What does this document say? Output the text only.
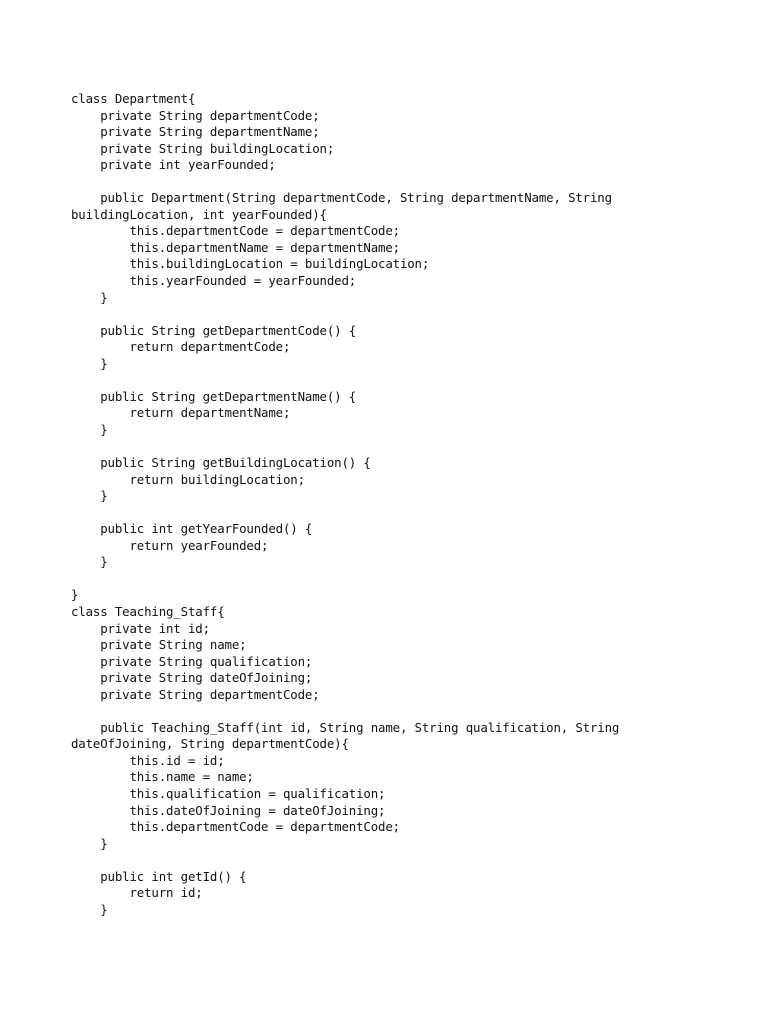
class Department{
private String departmentCode;
private String departmentName;
private String buildingLocation;
private int yearFounded;
public Department(String departmentCode, String departmentName, String
buildingLocation, int yearFounded){
this.departmentCode = departmentCode;
this.departmentName = departmentName;
this.buildingLocation = buildingLocation;
this.yearFounded = yearFounded;
}
public String getDepartmentCode() {
return departmentCode;
}
public String getDepartmentName() {
return departmentName;
}
public String getBuildingLocation() {
return buildingLocation;
}
public int getYearFounded() {
return yearFounded;
}
}
class Teaching_Staff{
private int id;
private String name;
private String qualification;
private String dateOfJoining;
private String departmentCode;
public Teaching_Staff(int id, String name, String qualification, String
dateOfJoining, String departmentCode){
this.id = id;
this.name = name;
this.qualification = qualification;
this.dateOfJoining = dateOfJoining;
this.departmentCode = departmentCode;
}
public int getId() {
return id;
}
